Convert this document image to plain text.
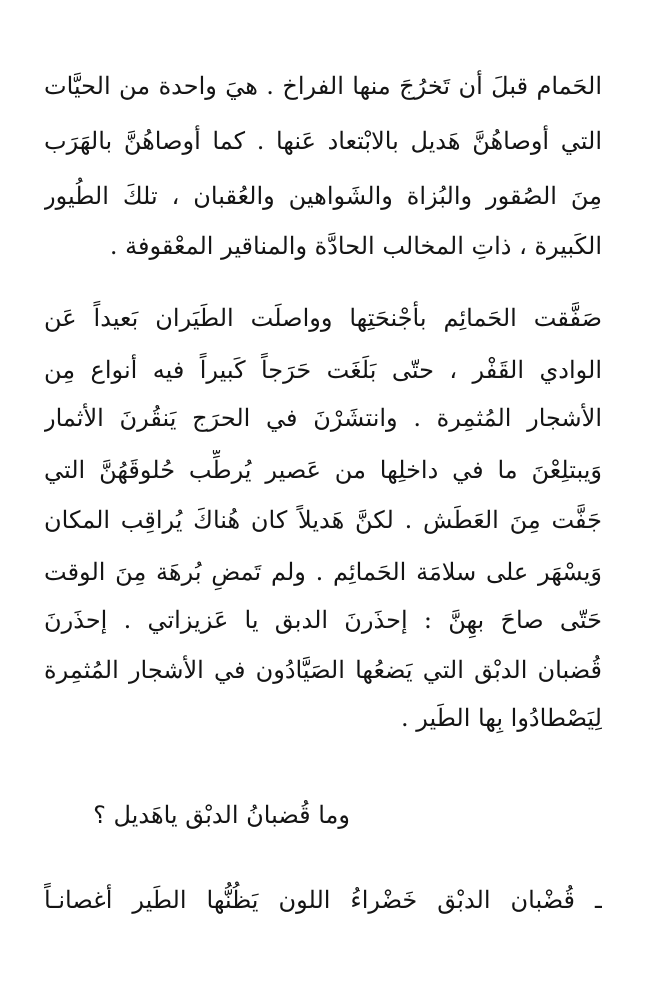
الحَمام قبلَ أن تَخرُجَ منها الفراخ . هيَ واحدة من الحيَّات
التي أوصاهُنَّ هَديل بالابْتعاد عَنها . كما أوصاهُنَّ بالهَرَب
مِنَ الصُقور والبُزاة والشَواهين والعُقبان ، تلكَ الطُيور
الكَبيرة ، ذاتِ المخالب الحادَّة والمناقير المعْقوفة .
صَفَّقت الحَمائِم بأجْنحَتِها وواصلَت الطَيَران بَعيداً عَن
الوادي القَفْر ، حتّى بَلَغَت حَرَجاً كَبيراً فيه أنواع مِن
الأشجار المُثمِرة . وانتشَرْنَ في الحرَج يَنقُرنَ الأثمار
وَيبتلِعْنَ ما في داخلِها من عَصير يُرطِّب حُلوقَهُنَّ التي
جَفَّت مِنَ العَطَش . لكنَّ هَديلاً كان هُناكَ يُراقِب المكان
وَيسْهَر على سلامَة الحَمائِم . ولم تَمضِ بُرهَة مِنَ الوقت
حَتّى صاحَ بهِنَّ : إحذَرنَ الدبق يا عَزيزاتي . إحذَرنَ
قُضبان الدبْق التي يَضعُها الصَيَّادُون في الأشجار المُثمِرة
لِيَصْطادُوا بِها الطَير .
وما قُضبانُ الدبْق ياهَديل ؟
ـ قُضْبان الدبْق خَضْراءُ اللون يَظُنُّها الطَير أغصانـاً
